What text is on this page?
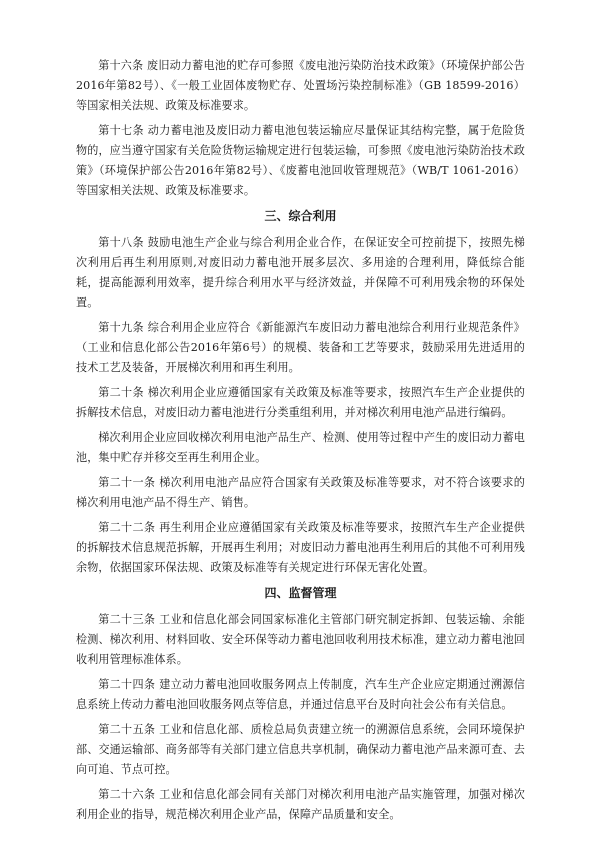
第十六条 废旧动力蓄电池的贮存可参照《废电池污染防治技术政策》（环境保护部公告2016年第82号）、《一般工业固体废物贮存、处置场污染控制标准》（GB 18599-2016）等国家相关法规、政策及标准要求。

第十七条 动力蓄电池及废旧动力蓄电池包装运输应尽量保证其结构完整，属于危险货物的，应当遵守国家有关危险货物运输规定进行包装运输，可参照《废电池污染防治技术政策》（环境保护部公告2016年第82号）、《废蓄电池回收管理规范》（WB/T 1061-2016）等国家相关法规、政策及标准要求。

三、综合利用

第十八条 鼓励电池生产企业与综合利用企业合作，在保证安全可控前提下，按照先梯次利用后再生利用原则,对废旧动力蓄电池开展多层次、多用途的合理利用，降低综合能耗，提高能源利用效率，提升综合利用水平与经济效益，并保障不可利用残余物的环保处置。

第十九条 综合利用企业应符合《新能源汽车废旧动力蓄电池综合利用行业规范条件》（工业和信息化部公告2016年第6号）的规模、装备和工艺等要求，鼓励采用先进适用的技术工艺及装备，开展梯次利用和再生利用。

第二十条 梯次利用企业应遵循国家有关政策及标准等要求，按照汽车生产企业提供的拆解技术信息，对废旧动力蓄电池进行分类重组利用，并对梯次利用电池产品进行编码。

梯次利用企业应回收梯次利用电池产品生产、检测、使用等过程中产生的废旧动力蓄电池，集中贮存并移交至再生利用企业。

第二十一条 梯次利用电池产品应符合国家有关政策及标准等要求，对不符合该要求的梯次利用电池产品不得生产、销售。

第二十二条 再生利用企业应遵循国家有关政策及标准等要求，按照汽车生产企业提供的拆解技术信息规范拆解，开展再生利用；对废旧动力蓄电池再生利用后的其他不可利用残余物，依据国家环保法规、政策及标准等有关规定进行环保无害化处置。

四、监督管理

第二十三条 工业和信息化部会同国家标准化主管部门研究制定拆卸、包装运输、余能检测、梯次利用、材料回收、安全环保等动力蓄电池回收利用技术标准，建立动力蓄电池回收利用管理标准体系。

第二十四条 建立动力蓄电池回收服务网点上传制度，汽车生产企业应定期通过溯源信息系统上传动力蓄电池回收服务网点等信息，并通过信息平台及时向社会公布有关信息。

第二十五条 工业和信息化部、质检总局负责建立统一的溯源信息系统，会同环境保护部、交通运输部、商务部等有关部门建立信息共享机制，确保动力蓄电池产品来源可查、去向可追、节点可控。

第二十六条 工业和信息化部会同有关部门对梯次利用电池产品实施管理，加强对梯次利用企业的指导，规范梯次利用企业产品，保障产品质量和安全。
